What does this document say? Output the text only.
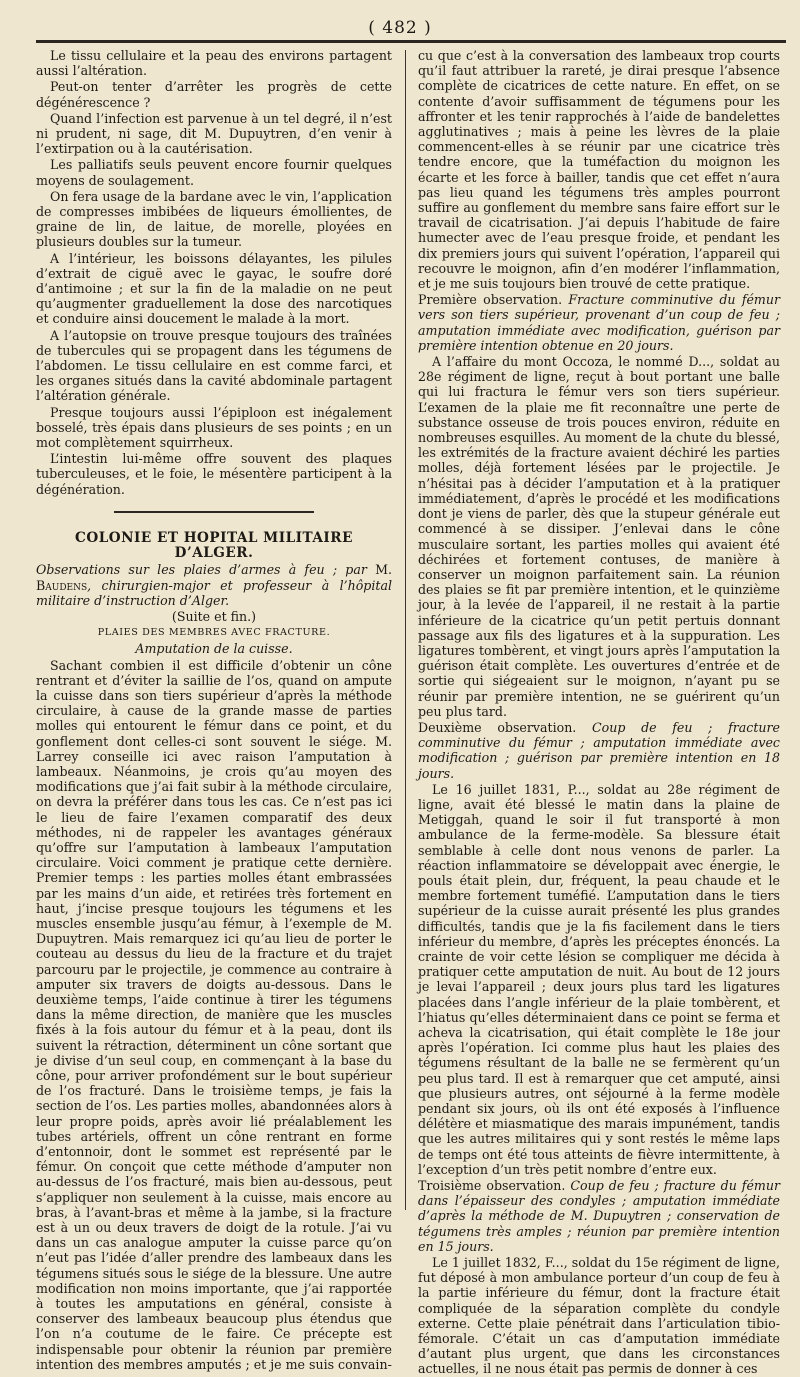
( 482 )

Le tissu cellulaire et la peau des environs partagent aussi l’altération.

Peut-on tenter d’arrêter les progrès de cette dégénérescence ?

Quand l’infection est parvenue à un tel degré, il n’est ni prudent, ni sage, dit M. Dupuytren, d’en venir à l’extirpation ou à la cautérisation.

Les palliatifs seuls peuvent encore fournir quelques moyens de soulagement.

On fera usage de la bardane avec le vin, l’application de compresses imbibées de liqueurs émollientes, de graine de lin, de laitue, de morelle, ployées en plusieurs doubles sur la tumeur.

A l’intérieur, les boissons délayantes, les pilules d’extrait de ciguë avec le gayac, le soufre doré d’antimoine ; et sur la fin de la maladie on ne peut qu’augmenter graduellement la dose des narcotiques et conduire ainsi doucement le malade à la mort.

A l’autopsie on trouve presque toujours des traînées de tubercules qui se propagent dans les tégumens de l’abdomen. Le tissu cellulaire en est comme farci, et les organes situés dans la cavité abdominale partagent l’altération générale.

Presque toujours aussi l’épiploon est inégalement bosselé, très épais dans plusieurs de ses points ; en un mot complètement squirrheux.

L’intestin lui-même offre souvent des plaques tuberculeuses, et le foie, le mésentère participent à la dégénération.

COLONIE ET HOPITAL MILITAIRE D’ALGER.

Observations sur les plaies d’armes à feu ; par M. Baudens, chirurgien-major et professeur à l’hôpital militaire d’instruction d’Alger.

(Suite et fin.)

PLAIES DES MEMBRES AVEC FRACTURE.

Amputation de la cuisse.

Sachant combien il est difficile d’obtenir un cône rentrant et d’éviter la saillie de l’os, quand on ampute la cuisse dans son tiers supérieur d’après la méthode circulaire, à cause de la grande masse de parties molles qui entourent le fémur dans ce point, et du gonflement dont celles-ci sont souvent le siége. M. Larrey conseille ici avec raison l’amputation à lambeaux. Néanmoins, je crois qu’au moyen des modifications que j’ai fait subir à la méthode circulaire, on devra la préférer dans tous les cas. Ce n’est pas ici le lieu de faire l’examen comparatif des deux méthodes, ni de rappeler les avantages généraux qu’offre sur l’amputation à lambeaux l’amputation circulaire. Voici comment je pratique cette dernière. Premier temps : les parties molles étant embrassées par les mains d’un aide, et retirées très fortement en haut, j’incise presque toujours les tégumens et les muscles ensemble jusqu’au fémur, à l’exemple de M. Dupuytren. Mais remarquez ici qu’au lieu de porter le couteau au dessus du lieu de la fracture et du trajet parcouru par le projectile, je commence au contraire à amputer six travers de doigts au-dessous. Dans le deuxième temps, l’aide continue à tirer les tégumens dans la même direction, de manière que les muscles fixés à la fois autour du fémur et à la peau, dont ils suivent la rétraction, déterminent un cône sortant que je divise d’un seul coup, en commençant à la base du cône, pour arriver profondément sur le bout supérieur de l’os fracturé. Dans le troisième temps, je fais la section de l’os. Les parties molles, abandonnées alors à leur propre poids, après avoir lié préalablement les tubes artériels, offrent un cône rentrant en forme d’entonnoir, dont le sommet est représenté par le fémur. On conçoit que cette méthode d’amputer non au-dessus de l’os fracturé, mais bien au-dessous, peut s’appliquer non seulement à la cuisse, mais encore au bras, à l’avant-bras et même à la jambe, si la fracture est à un ou deux travers de doigt de la rotule. J’ai vu dans un cas analogue amputer la cuisse parce qu’on n’eut pas l’idée d’aller prendre des lambeaux dans les tégumens situés sous le siége de la blessure. Une autre modification non moins importante, que j’ai rapportée à toutes les amputations en général, consiste à conserver des lambeaux beaucoup plus étendus que l’on n’a coutume de le faire. Ce précepte est indispensable pour obtenir la réunion par première intention des membres amputés ; et je me suis convain-

cu que c’est à la conversation des lambeaux trop courts qu’il faut attribuer la rareté, je dirai presque l’absence complète de cicatrices de cette nature. En effet, on se contente d’avoir suffisamment de tégumens pour les affronter et les tenir rapprochés à l’aide de bandelettes agglutinatives ; mais à peine les lèvres de la plaie commencent-elles à se réunir par une cicatrice très tendre encore, que la tuméfaction du moignon les écarte et les force à bailler, tandis que cet effet n’aura pas lieu quand les tégumens très amples pourront suffire au gonflement du membre sans faire effort sur le travail de cicatrisation. J’ai depuis l’habitude de faire humecter avec de l’eau presque froide, et pendant les dix premiers jours qui suivent l’opération, l’appareil qui recouvre le moignon, afin d’en modérer l’inflammation, et je me suis toujours bien trouvé de cette pratique.

Première observation. Fracture comminutive du fémur vers son tiers supérieur, provenant d’un coup de feu ; amputation immédiate avec modification, guérison par première intention obtenue en 20 jours.

A l’affaire du mont Occoza, le nommé D..., soldat au 28e régiment de ligne, reçut à bout portant une balle qui lui fractura le fémur vers son tiers supérieur. L’examen de la plaie me fit reconnaître une perte de substance osseuse de trois pouces environ, réduite en nombreuses esquilles. Au moment de la chute du blessé, les extrémités de la fracture avaient déchiré les parties molles, déjà fortement lésées par le projectile. Je n’hésitai pas à décider l’amputation et à la pratiquer immédiatement, d’après le procédé et les modifications dont je viens de parler, dès que la stupeur générale eut commencé à se dissiper. J’enlevai dans le cône musculaire sortant, les parties molles qui avaient été déchirées et fortement contuses, de manière à conserver un moignon parfaitement sain. La réunion des plaies se fit par première intention, et le quinzième jour, à la levée de l’appareil, il ne restait à la partie inférieure de la cicatrice qu’un petit pertuis donnant passage aux fils des ligatures et à la suppuration. Les ligatures tombèrent, et vingt jours après l’amputation la guérison était complète. Les ouvertures d’entrée et de sortie qui siégeaient sur le moignon, n’ayant pu se réunir par première intention, ne se guérirent qu’un peu plus tard.

Deuxième observation. Coup de feu ; fracture comminutive du fémur ; amputation immédiate avec modification ; guérison par première intention en 18 jours.

Le 16 juillet 1831, P..., soldat au 28e régiment de ligne, avait été blessé le matin dans la plaine de Metiggah, quand le soir il fut transporté à mon ambulance de la ferme-modèle. Sa blessure était semblable à celle dont nous venons de parler. La réaction inflammatoire se développait avec énergie, le pouls était plein, dur, fréquent, la peau chaude et le membre fortement tuméfié. L’amputation dans le tiers supérieur de la cuisse aurait présenté les plus grandes difficultés, tandis que je la fis facilement dans le tiers inférieur du membre, d’après les préceptes énoncés. La crainte de voir cette lésion se compliquer me décida à pratiquer cette amputation de nuit. Au bout de 12 jours je levai l’appareil ; deux jours plus tard les ligatures placées dans l’angle inférieur de la plaie tombèrent, et l’hiatus qu’elles déterminaient dans ce point se ferma et acheva la cicatrisation, qui était complète le 18e jour après l’opération. Ici comme plus haut les plaies des tégumens résultant de la balle ne se fermèrent qu’un peu plus tard. Il est à remarquer que cet amputé, ainsi que plusieurs autres, ont séjourné à la ferme modèle pendant six jours, où ils ont été exposés à l’influence délétère et miasmatique des marais impunément, tandis que les autres militaires qui y sont restés le même laps de temps ont été tous atteints de fièvre intermittente, à l’exception d’un très petit nombre d’entre eux.

Troisième observation. Coup de feu ; fracture du fémur dans l’épaisseur des condyles ; amputation immédiate d’après la méthode de M. Dupuytren ; conservation de tégumens très amples ; réunion par première intention en 15 jours.

Le 1 juillet 1832, F..., soldat du 15e régiment de ligne, fut déposé à mon ambulance porteur d’un coup de feu à la partie inférieure du fémur, dont la fracture était compliquée de la séparation complète du condyle externe. Cette plaie pénétrait dans l’articulation tibio-fémorale. C’était un cas d’amputation immédiate d’autant plus urgent, que dans les circonstances actuelles, il ne nous était pas permis de donner à ces
